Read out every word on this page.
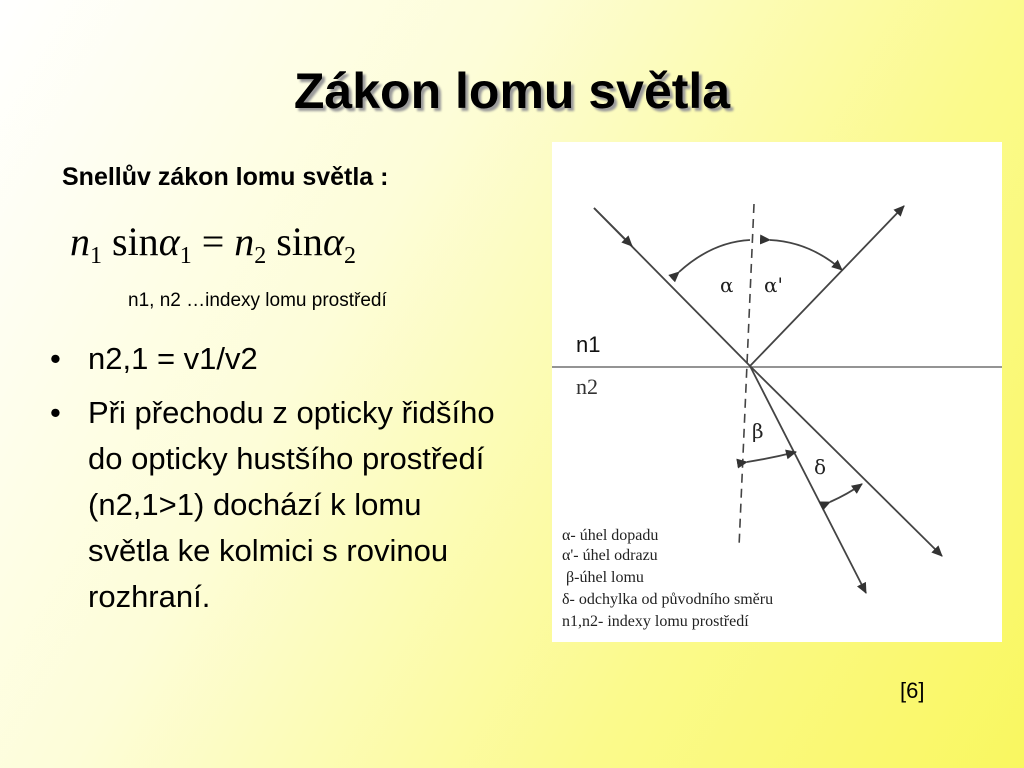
Zákon lomu světla
Snellův zákon lomu světla :
$n_1$ $\sin\alpha_1 = n_2$ sinα$_2$
n1, n2 …indexy lomu prostředí
• n2,1 = v1/v2
• Při přechodu z opticky řidšího do opticky hustšího prostředí (n2,1>1) dochází k lomu světla ke kolmici s rovinou rozhraní.
α α'
n1
n2
β
δ
α- úhel dopadu
α'- úhel odrazu
β-úhel lomu
δ- odchylka od původního směru
n1,n2- indexy lomu prostředí
[6]
